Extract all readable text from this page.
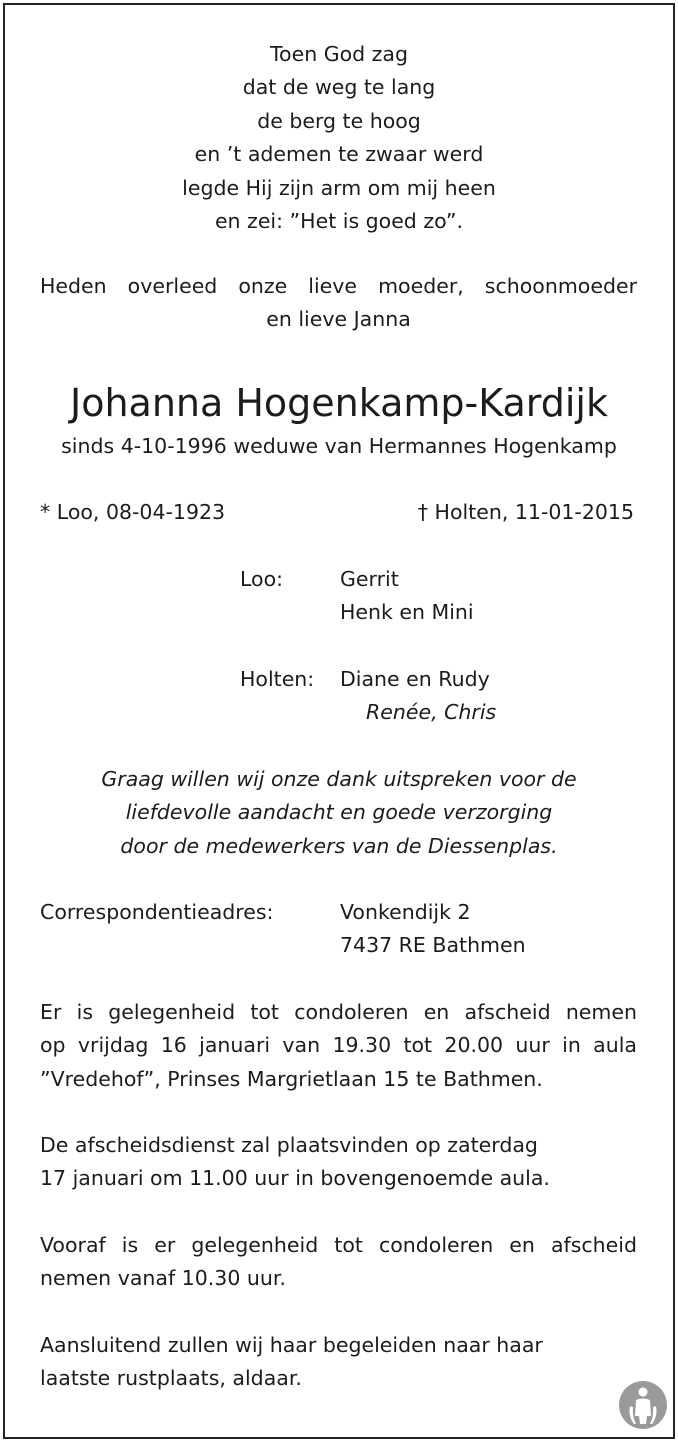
Toen God zag
dat de weg te lang
de berg te hoog
en ’t ademen te zwaar werd
legde Hij zijn arm om mij heen
en zei: ”Het is goed zo”.
Heden overleed onze lieve moeder, schoonmoeder
en lieve Janna
Johanna Hogenkamp-Kardijk
sinds 4-10-1996 weduwe van Hermannes Hogenkamp
* Loo, 08-04-1923	† Holten, 11-01-2015
Loo:	Gerrit
Henk en Mini
Holten: Diane en Rudy
Renée, Chris
Graag willen wij onze dank uitspreken voor de
liefdevolle aandacht en goede verzorging
door de medewerkers van de Diessenplas.
Correspondentieadres:	Vonkendijk 2
7437 RE Bathmen
Er is gelegenheid tot condoleren en afscheid nemen
op vrijdag 16 januari van 19.30 tot 20.00 uur in aula
”Vredehof”, Prinses Margrietlaan 15 te Bathmen.
De afscheidsdienst zal plaatsvinden op zaterdag
17 januari om 11.00 uur in bovengenoemde aula.
Vooraf is er gelegenheid tot condoleren en afscheid
nemen vanaf 10.30 uur.
Aansluitend zullen wij haar begeleiden naar haar
laatste rustplaats, aldaar.
